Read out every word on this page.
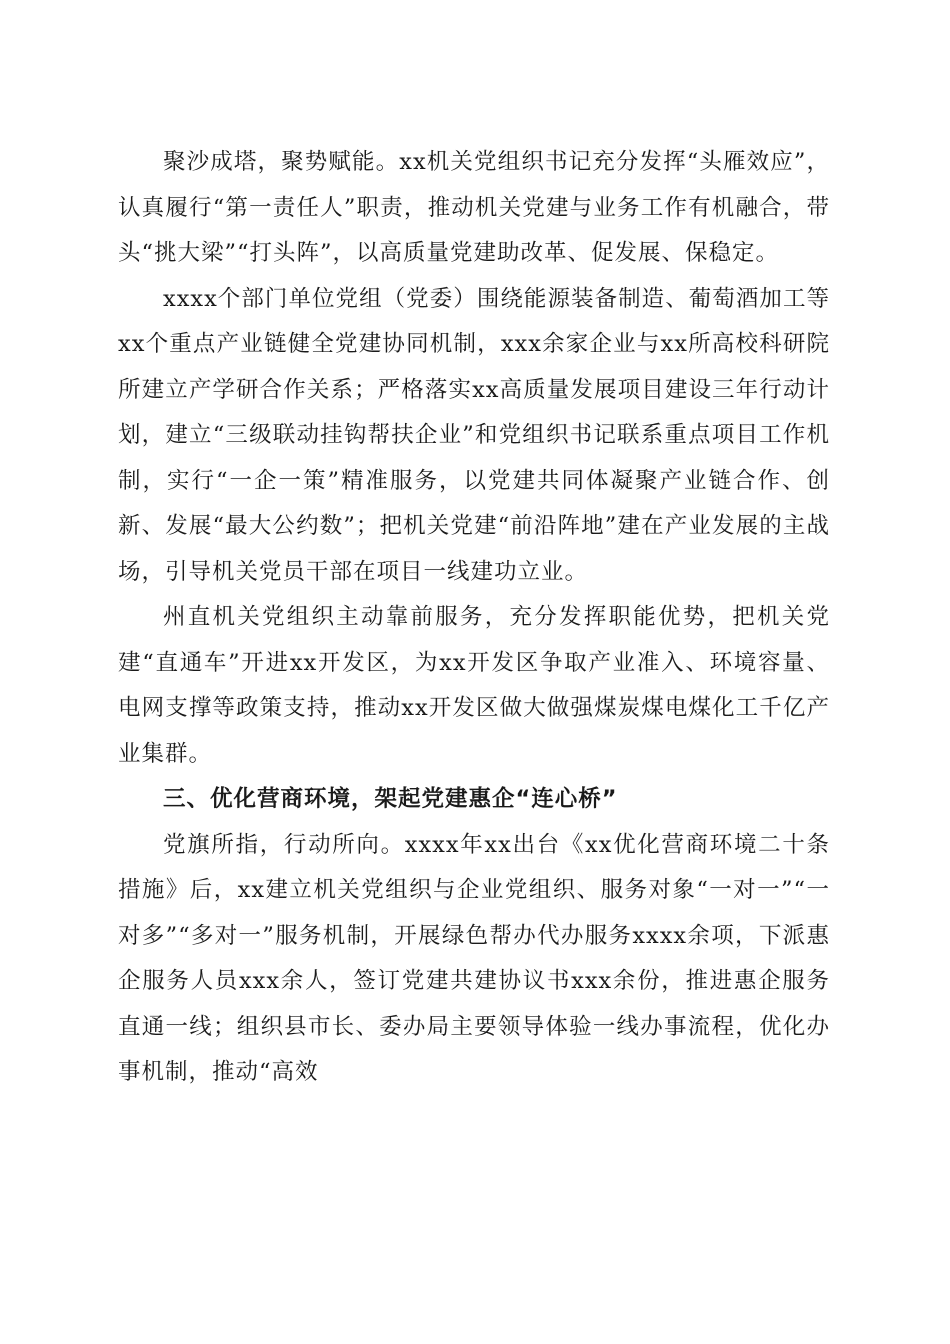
聚沙成塔，聚势赋能。xx机关党组织书记充分发挥“头雁效应”，认真履行“第一责任人”职责，推动机关党建与业务工作有机融合，带头“挑大梁”“打头阵”，以高质量党建助改革、促发展、保稳定。

xxxx个部门单位党组（党委）围绕能源装备制造、葡萄酒加工等xx个重点产业链健全党建协同机制，xxx余家企业与xx所高校科研院所建立产学研合作关系；严格落实xx高质量发展项目建设三年行动计划，建立“三级联动挂钩帮扶企业”和党组织书记联系重点项目工作机制，实行“一企一策”精准服务，以党建共同体凝聚产业链合作、创新、发展“最大公约数”；把机关党建“前沿阵地”建在产业发展的主战场，引导机关党员干部在项目一线建功立业。

州直机关党组织主动靠前服务，充分发挥职能优势，把机关党建“直通车”开进xx开发区，为xx开发区争取产业准入、环境容量、电网支撑等政策支持，推动xx开发区做大做强煤炭煤电煤化工千亿产业集群。

三、优化营商环境，架起党建惠企“连心桥”

党旗所指，行动所向。xxxx年xx出台《xx优化营商环境二十条措施》后，xx建立机关党组织与企业党组织、服务对象“一对一”“一对多”“多对一”服务机制，开展绿色帮办代办服务xxxx余项，下派惠企服务人员xxx余人，签订党建共建协议书xxx余份，推进惠企服务直通一线；组织县市长、委办局主要领导体验一线办事流程，优化办事机制，推动“高效
